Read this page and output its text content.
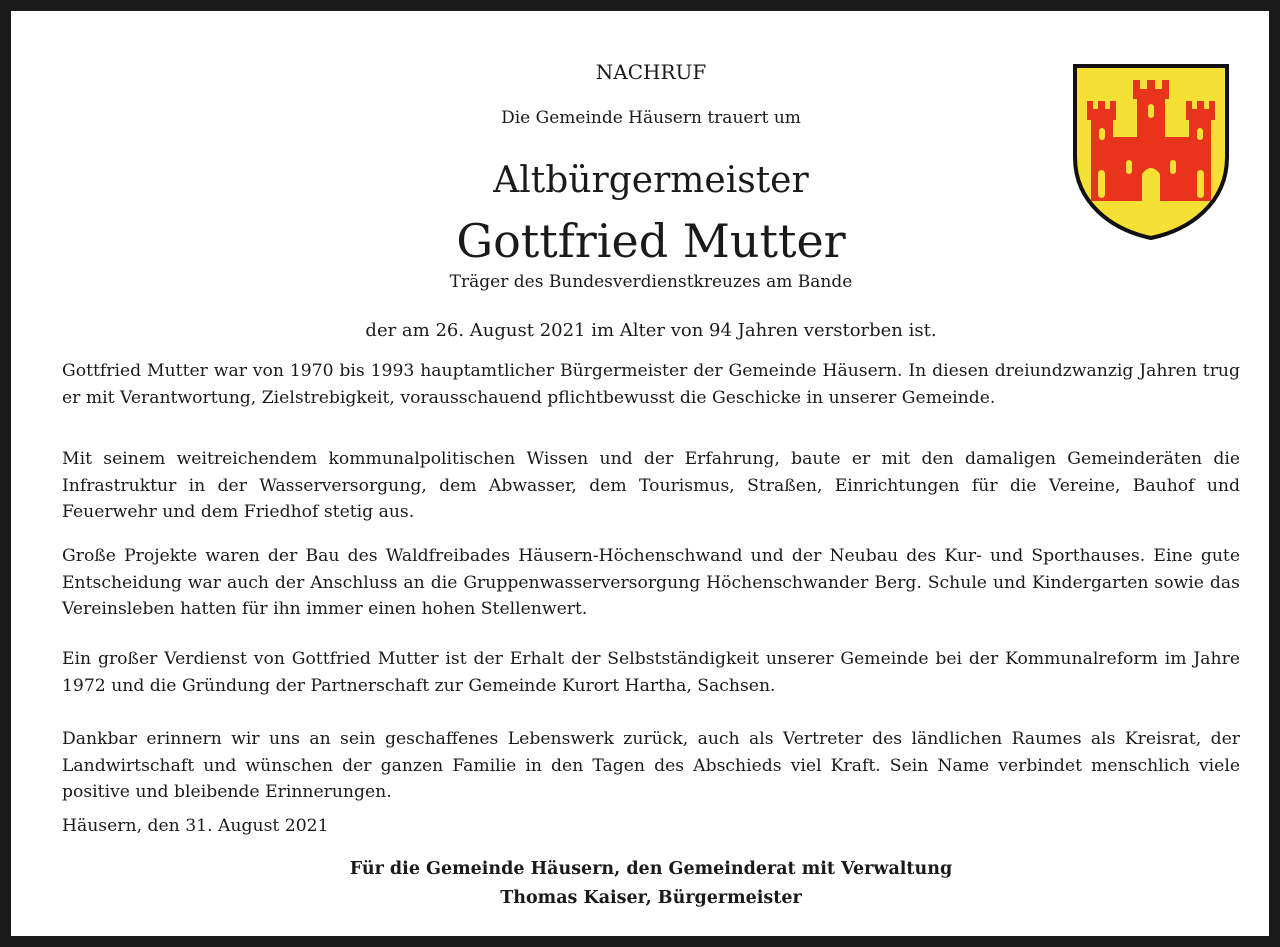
NACHRUF
Die Gemeinde Häusern trauert um
Altbürgermeister
Gottfried Mutter
Träger des Bundesverdienstkreuzes am Bande
der am 26. August 2021 im Alter von 94 Jahren verstorben ist.
Gottfried Mutter war von 1970 bis 1993 hauptamtlicher Bürgermeister der Gemeinde Häusern. In diesen dreiundzwanzig Jahren trug er mit Verantwortung, Zielstrebigkeit, vorausschauend pflichtbewusst die Geschicke in unserer Gemeinde.
Mit seinem weitreichendem kommunalpolitischen Wissen und der Erfahrung, baute er mit den damaligen Gemeinderäten die Infrastruktur in der Wasserversorgung, dem Abwasser, dem Tourismus, Straßen, Einrichtungen für die Vereine, Bauhof und Feuerwehr und dem Friedhof stetig aus.
Große Projekte waren der Bau des Waldfreibades Häusern-Höchenschwand und der Neubau des Kur- und Sporthauses. Eine gute Entscheidung war auch der Anschluss an die Gruppenwasserversorgung Höchenschwander Berg. Schule und Kindergarten sowie das Vereinsleben hatten für ihn immer einen hohen Stellenwert.
Ein großer Verdienst von Gottfried Mutter ist der Erhalt der Selbstständigkeit unserer Gemeinde bei der Kommunalreform im Jahre 1972 und die Gründung der Partnerschaft zur Gemeinde Kurort Hartha, Sachsen.
Dankbar erinnern wir uns an sein geschaffenes Lebenswerk zurück, auch als Vertreter des ländlichen Raumes als Kreisrat, der Landwirtschaft und wünschen der ganzen Familie in den Tagen des Abschieds viel Kraft. Sein Name verbindet menschlich viele positive und bleibende Erinnerungen.
Häusern, den 31. August 2021
Für die Gemeinde Häusern, den Gemeinderat mit Verwaltung
Thomas Kaiser, Bürgermeister
